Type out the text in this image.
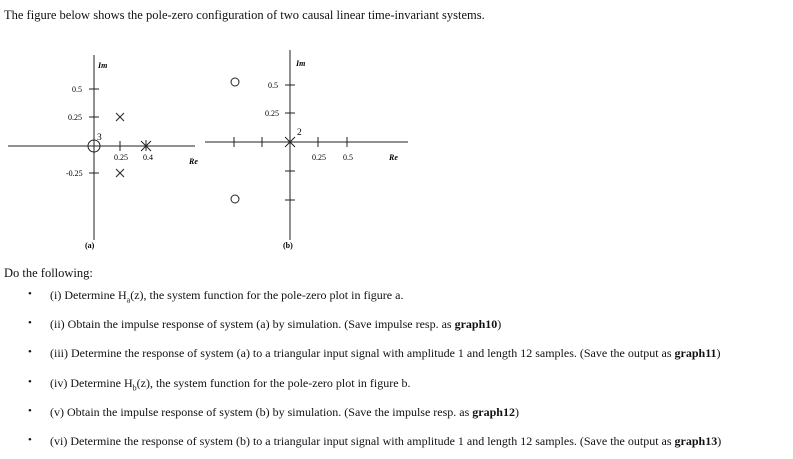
The figure below shows the pole-zero configuration of two causal linear time-invariant systems.
Im
Re
0.5
0.25
-0.25
0.25 0.4
3
(a)
Im
Re
0.5
0.25
0.25 0.5
2
(b)
Do the following:
• (i) Determine $H_a(z)$, the system function for the pole-zero plot in figure a.
• (ii) Obtain the impulse response of system (a) by simulation. (Save impulse resp. as graph10)
• (iii) Determine the response of system (a) to a triangular input signal with amplitude 1 and length 12 samples. (Save the output as graph11)
• (iv) Determine $H_b(z)$, the system function for the pole-zero plot in figure b.
• (v) Obtain the impulse response of system (b) by simulation. (Save the impulse resp. as graph12)
• (vi) Determine the response of system (b) to a triangular input signal with amplitude 1 and length 12 samples. (Save the output as graph13)
